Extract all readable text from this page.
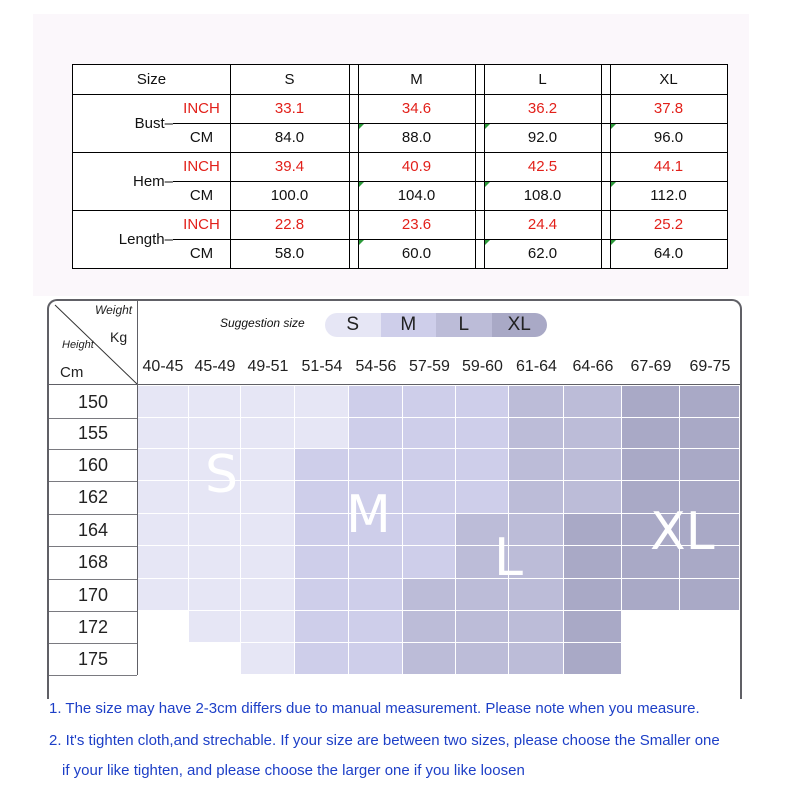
Size	S	M	L	XL
Bust–
INCH	33.1	34.6	36.2	37.8
CM	84.0	88.0	92.0	96.0
Hem–
INCH	39.4	40.9	42.5	44.1
CM	100.0	104.0	108.0	112.0
Length–
INCH	22.8	23.6	24.4	25.2
CM	58.0	60.0	62.0	64.0
Weight
Kg
Height
Cm
Suggestion size	S	M	L	XL
1. The size may have 2-3cm differs due to manual measurement. Please note when you measure.
2. It's tighten cloth,and strechable. If your size are between two sizes, please choose the Smaller one
if your like tighten, and please choose the larger one if you like loosen
40-45 45-49 49-51 51-54 54-56 57-59 59-60 61-64 64-66	67-69	69-75
150
155
160
162
164
168
170
172
175
S
M
L XL
